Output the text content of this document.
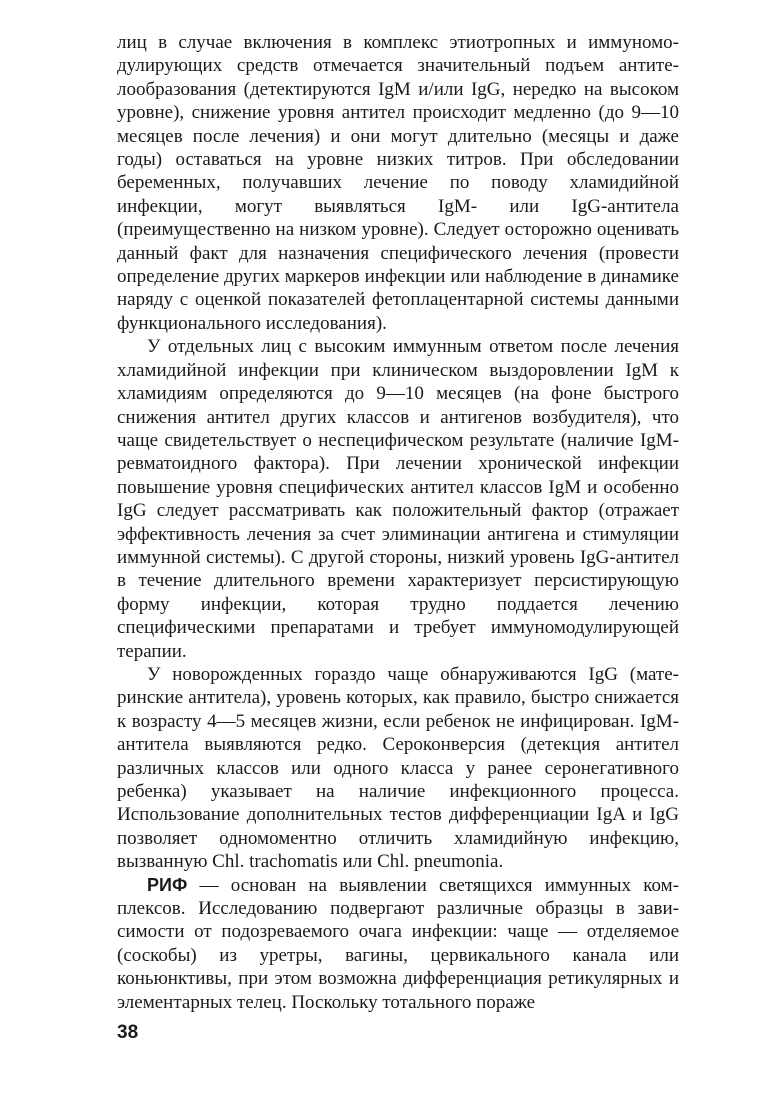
лиц в случае включения в комплекс этиотропных и иммуномодулирующих средств отмечается значительный подъем антителообразования (детектируются IgM и/или IgG, нередко на высоком уровне), снижение уровня антител происходит медленно (до 9—10 месяцев после лечения) и они могут длительно (месяцы и даже годы) оставаться на уровне низких титров. При обследовании беременных, получавших лечение по поводу хламидийной инфекции, могут выявляться IgM- или IgG-антитела (преимущественно на низком уровне). Следует осторожно оценивать данный факт для назначения специфического лечения (провести определение других маркеров инфекции или наблюдение в динамике наряду с оценкой показателей фетоплацентарной системы данными функционального исследования).

У отдельных лиц с высоким иммунным ответом после лечения хламидийной инфекции при клиническом выздоровлении IgM к хламидиям определяются до 9—10 месяцев (на фоне быстрого снижения антител других классов и антигенов возбудителя), что чаще свидетельствует о неспецифическом результате (наличие IgM-ревматоидного фактора). При лечении хронической инфекции повышение уровня специфических антител классов IgM и особенно IgG следует рассматривать как положительный фактор (отражает эффективность лечения за счет элиминации антигена и стимуляции иммунной системы). С другой стороны, низкий уровень IgG-антител в течение длительного времени характеризует персистирующую форму инфекции, которая трудно поддается лечению специфическими препаратами и требует иммуномодулирующей терапии.

У новорожденных гораздо чаще обнаруживаются IgG (материнские антитела), уровень которых, как правило, быстро снижается к возрасту 4—5 месяцев жизни, если ребенок не инфицирован. IgM-антитела выявляются редко. Сероконверсия (детекция антител различных классов или одного класса у ранее серонегативного ребенка) указывает на наличие инфекционного процесса. Использование дополнительных тестов дифференциации IgA и IgG позволяет одномоментно отличить хламидийную инфекцию, вызванную Chl. trachomatis или Chl. pneumonia.

РИФ — основан на выявлении светящихся иммунных комплексов. Исследованию подвергают различные образцы в зависимости от подозреваемого очага инфекции: чаще — отделяемое (соскобы) из уретры, вагины, цервикального канала или коньюнктивы, при этом возможна дифференциация ретикулярных и элементарных телец. Поскольку тотального пораже

38
